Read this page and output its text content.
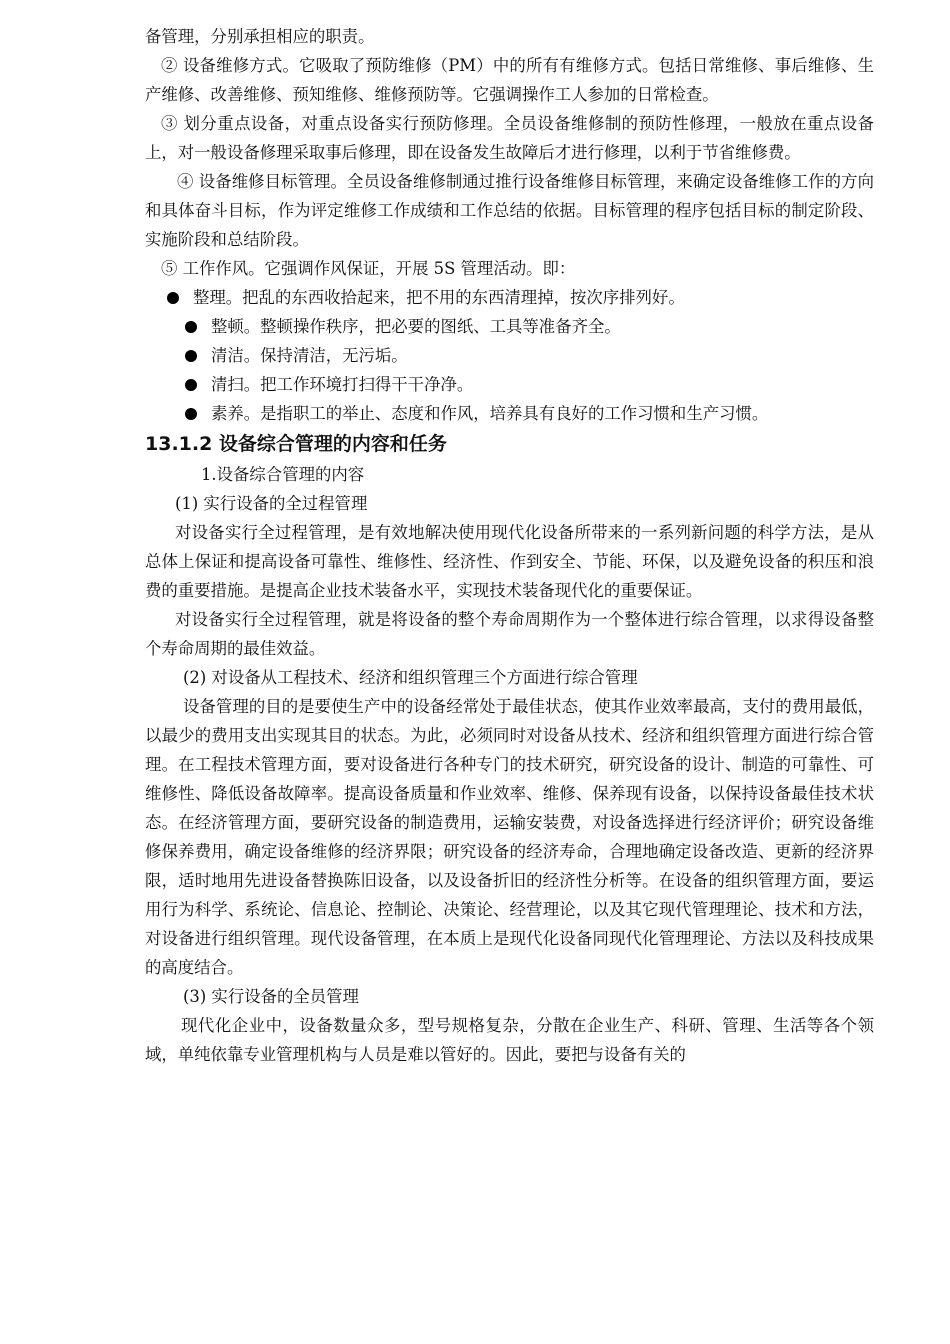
备管理，分别承担相应的职责。

② 设备维修方式。它吸取了预防维修（PM）中的所有有维修方式。包括日常维修、事后维修、生产维修、改善维修、预知维修、维修预防等。它强调操作工人参加的日常检查。

③ 划分重点设备，对重点设备实行预防修理。全员设备维修制的预防性修理，一般放在重点设备上，对一般设备修理采取事后修理，即在设备发生故障后才进行修理，以利于节省维修费。

④ 设备维修目标管理。全员设备维修制通过推行设备维修目标管理，来确定设备维修工作的方向和具体奋斗目标，作为评定维修工作成绩和工作总结的依据。目标管理的程序包括目标的制定阶段、实施阶段和总结阶段。

⑤ 工作作风。它强调作风保证，开展 5S 管理活动。即：

整理。把乱的东西收拾起来，把不用的东西清理掉，按次序排列好。
整顿。整顿操作秩序，把必要的图纸、工具等准备齐全。
清洁。保持清洁，无污垢。
清扫。把工作环境打扫得干干净净。
素养。是指职工的举止、态度和作风，培养具有良好的工作习惯和生产习惯。
13.1.2 设备综合管理的内容和任务
1.设备综合管理的内容
(1) 实行设备的全过程管理

对设备实行全过程管理，是有效地解决使用现代化设备所带来的一系列新问题的科学方法，是从总体上保证和提高设备可靠性、维修性、经济性、作到安全、节能、环保，以及避免设备的积压和浪费的重要措施。是提高企业技术装备水平，实现技术装备现代化的重要保证。

对设备实行全过程管理，就是将设备的整个寿命周期作为一个整体进行综合管理，以求得设备整个寿命周期的最佳效益。

(2) 对设备从工程技术、经济和组织管理三个方面进行综合管理

设备管理的目的是要使生产中的设备经常处于最佳状态，使其作业效率最高，支付的费用最低，以最少的费用支出实现其目的状态。为此，必须同时对设备从技术、经济和组织管理方面进行综合管理。在工程技术管理方面，要对设备进行各种专门的技术研究，研究设备的设计、制造的可靠性、可维修性、降低设备故障率。提高设备质量和作业效率、维修、保养现有设备，以保持设备最佳技术状态。在经济管理方面，要研究设备的制造费用，运输安装费，对设备选择进行经济评价；研究设备维修保养费用，确定设备维修的经济界限；研究设备的经济寿命，合理地确定设备改造、更新的经济界限，适时地用先进设备替换陈旧设备，以及设备折旧的经济性分析等。在设备的组织管理方面，要运用行为科学、系统论、信息论、控制论、决策论、经营理论，以及其它现代管理理论、技术和方法，对设备进行组织管理。现代设备管理，在本质上是现代化设备同现代化管理理论、方法以及科技成果的高度结合。

(3) 实行设备的全员管理

现代化企业中，设备数量众多，型号规格复杂，分散在企业生产、科研、管理、生活等各个领域，单纯依靠专业管理机构与人员是难以管好的。因此，要把与设备有关的
